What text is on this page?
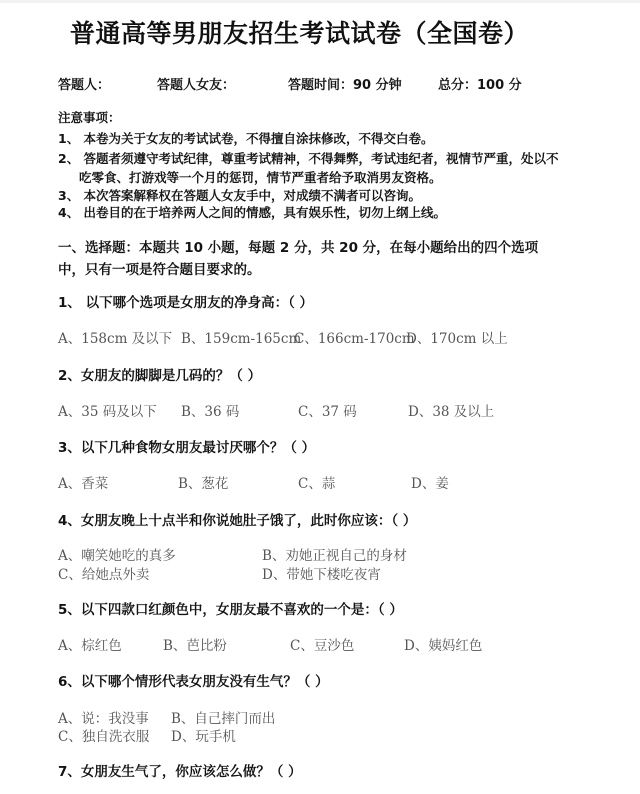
普通高等男朋友招生考试试卷（全国卷）
答题人：	答题人女友：	答题时间：90 分钟	总分：100 分
注意事项：
1、 本卷为关于女友的考试试卷，不得擅自涂抹修改，不得交白卷。
2、 答题者须遵守考试纪律，尊重考试精神，不得舞弊，考试违纪者，视情节严重，处以不
吃零食、打游戏等一个月的惩罚，情节严重者给予取消男友资格。
3、 本次答案解释权在答题人女友手中，对成绩不满者可以咨询。
4、 出卷目的在于培养两人之间的情感，具有娱乐性，切勿上纲上线。
一、选择题：本题共 10 小题，每题 2 分，共 20 分，在每小题给出的四个选项
中，只有一项是符合题目要求的。
1、 以下哪个选项是女朋友的净身高：（ ）
A、158cm 及以下 B、159cm-165cm
C、166cm-170cm
D、170cm 以上
2、女朋友的脚脚是几码的？（ ）
A、35 码及以下 B、36 码	C、37 码	D、38 及以上
3、以下几种食物女朋友最讨厌哪个？（ ）
A、香菜	B、葱花	C、蒜	D、姜
4、女朋友晚上十点半和你说她肚子饿了，此时你应该：（ ）
A、嘲笑她吃的真多	B、劝她正视自己的身材
C、给她点外卖	D、带她下楼吃夜宵
5、以下四款口红颜色中，女朋友最不喜欢的一个是：（ ）
A、棕红色	B、芭比粉	C、豆沙色	D、姨妈红色
6、以下哪个情形代表女朋友没有生气？（ ）
A、说：我没事 B、自己摔门而出
C、独自洗衣服 D、玩手机
7、女朋友生气了，你应该怎么做？（ ）
